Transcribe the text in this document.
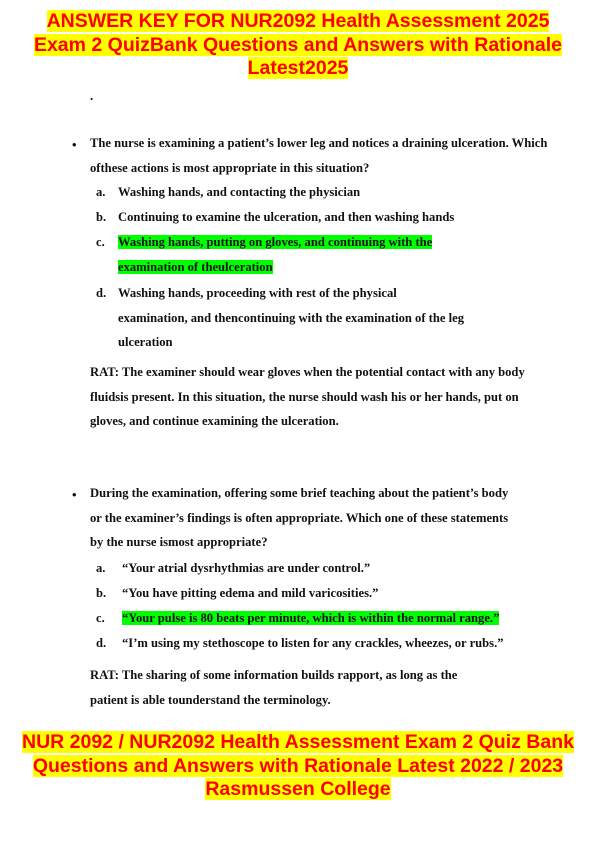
ANSWER KEY FOR NUR2092 Health Assessment 2025 Exam 2 QuizBank Questions and Answers with Rationale Latest2025
.
• The nurse is examining a patient’s lower leg and notices a draining ulceration. Which ofthese actions is most appropriate in this situation?
a. Washing hands, and contacting the physician
b. Continuing to examine the ulceration, and then washing hands
c. Washing hands, putting on gloves, and continuing with the examination of theulceration
d. Washing hands, proceeding with rest of the physical examination, and thencontinuing with the examination of the leg ulceration
RAT: The examiner should wear gloves when the potential contact with any body fluidsis present. In this situation, the nurse should wash his or her hands, put on gloves, and continue examining the ulceration.
• During the examination, offering some brief teaching about the patient’s body or the examiner’s findings is often appropriate. Which one of these statements by the nurse ismost appropriate?
a. “Your atrial dysrhythmias are under control.”
b. “You have pitting edema and mild varicosities.”
c. “Your pulse is 80 beats per minute, which is within the normal range.”
d. “I’m using my stethoscope to listen for any crackles, wheezes, or rubs.”
RAT: The sharing of some information builds rapport, as long as the patient is able tounderstand the terminology.
NUR 2092 / NUR2092 Health Assessment Exam 2 Quiz Bank Questions and Answers with Rationale Latest 2022 / 2023 Rasmussen College
